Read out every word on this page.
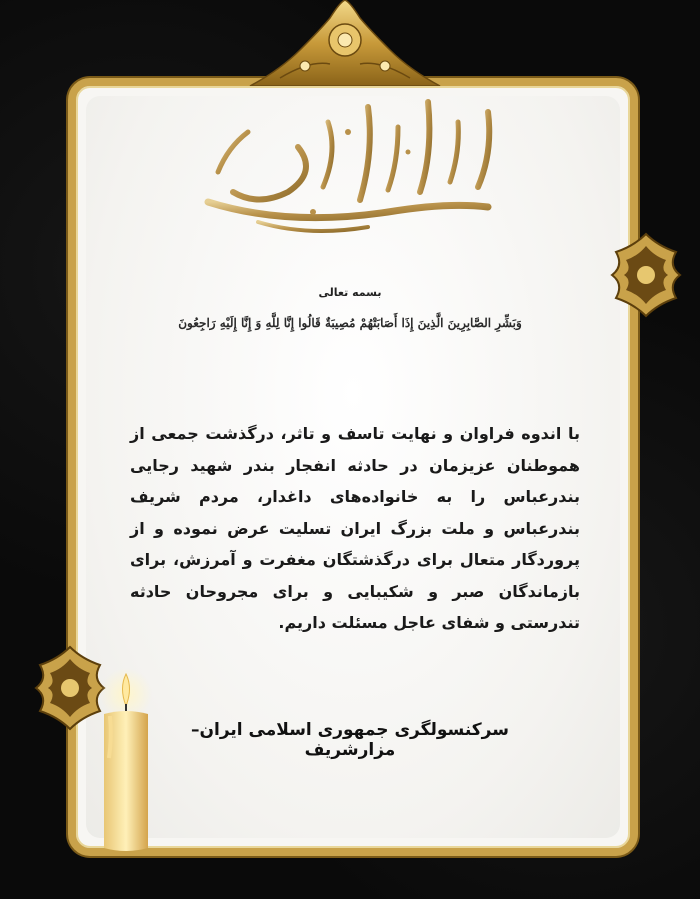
بسمه تعالی
وَبَشِّرِ الصَّابِرِينَ الَّذِينَ إِذَا أَصَابَتْهُمْ مُصِيبَةٌ قَالُوا إِنَّا لِلَّهِ وَ إِنَّا إِلَيْهِ رَاجِعُونَ
با اندوه فراوان و نهایت تاسف و تاثر، درگذشت جمعی از هموطنان عزیزمان در حادثه انفجار بندر شهید رجایی بندرعباس را به خانواده‌های داغدار، مردم شریف بندرعباس و ملت بزرگ ایران تسلیت عرض نموده و از پروردگار متعال برای درگذشتگان مغفرت و آمرزش، برای بازماندگان صبر و شکیبایی و برای مجروحان حادثه تندرستی و شفای عاجل مسئلت داریم.
سرکنسولگری جمهوری اسلامی ایران–مزارشریف
